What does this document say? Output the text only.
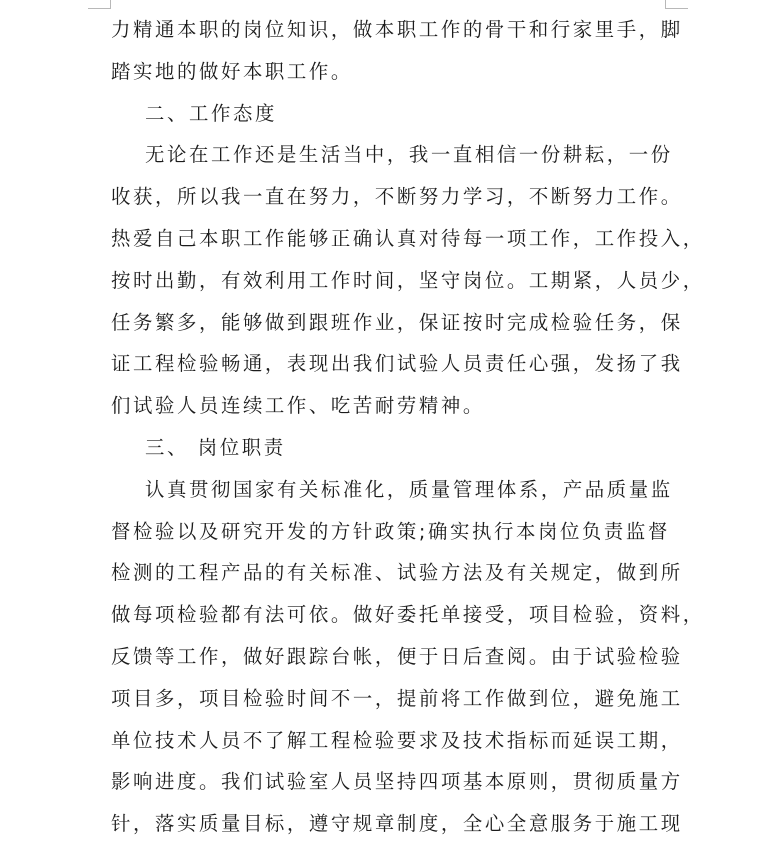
力精通本职的岗位知识，做本职工作的骨干和行家里手，脚
踏实地的做好本职工作。
二、工作态度
无论在工作还是生活当中，我一直相信一份耕耘，一份
收获，所以我一直在努力，不断努力学习，不断努力工作。
热爱自己本职工作能够正确认真对待每一项工作，工作投入，
按时出勤，有效利用工作时间，坚守岗位。工期紧，人员少，
任务繁多，能够做到跟班作业，保证按时完成检验任务，保
证工程检验畅通，表现出我们试验人员责任心强，发扬了我
们试验人员连续工作、吃苦耐劳精神。
三、 岗位职责
认真贯彻国家有关标准化，质量管理体系，产品质量监
督检验以及研究开发的方针政策;确实执行本岗位负责监督
检测的工程产品的有关标准、试验方法及有关规定，做到所
做每项检验都有法可依。做好委托单接受，项目检验，资料，
反馈等工作，做好跟踪台帐，便于日后查阅。由于试验检验
项目多，项目检验时间不一，提前将工作做到位，避免施工
单位技术人员不了解工程检验要求及技术指标而延误工期，
影响进度。我们试验室人员坚持四项基本原则，贯彻质量方
针，落实质量目标，遵守规章制度，全心全意服务于施工现
